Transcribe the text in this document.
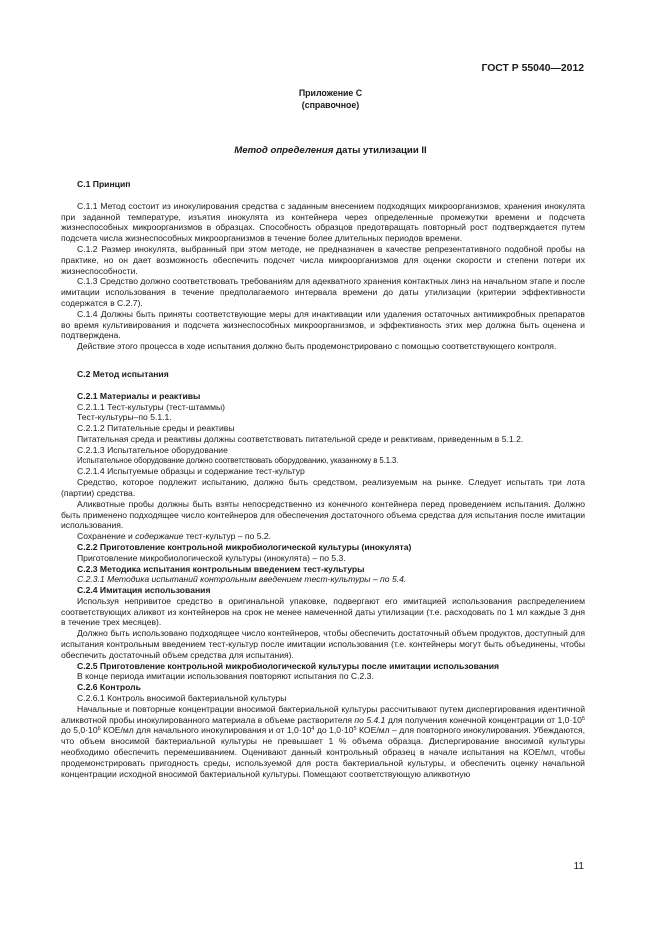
ГОСТ Р 55040—2012
Приложение С
(справочное)
Метод определения даты утилизации II

С.1 Принцип

С.1.1 Метод состоит из инокулирования средства с заданным внесением подходящих микроорганизмов, хранения инокулята при заданной температуре, изъятия инокулята из контейнера через определенные промежутки времени и подсчета жизнеспособных микроорганизмов в образцах. Способность образцов предотвращать повторный рост подтверждается путем подсчета числа жизнеспособных микроорганизмов в течение более длительных периодов времени.

С.1.2 Размер инокулята, выбранный при этом методе, не предназначен в качестве репрезентативного подобной пробы на практике, но он дает возможность обеспечить подсчет числа микроорганизмов для оценки скорости и степени потери их жизнеспособности.

С.1.3 Средство должно соответствовать требованиям для адекватного хранения контактных линз на начальном этапе и после имитации использования в течение предполагаемого интервала времени до даты утилизации (критерии эффективности содержатся в С.2.7).

С.1.4 Должны быть приняты соответствующие меры для инактивации или удаления остаточных антимикробных препаратов во время культивирования и подсчета жизнеспособных микроорганизмов, и эффективность этих мер должна быть оценена и подтверждена.

Действие этого процесса в ходе испытания должно быть продемонстрировано с помощью соответствующего контроля.

С.2 Метод испытания

С.2.1 Материалы и реактивы

С.2.1.1 Тест-культуры (тест-штаммы)

Тест-культуры–по 5.1.1.

С.2.1.2 Питательные среды и реактивы

Питательная среда и реактивы должны соответствовать питательной среде и реактивам, приведенным в 5.1.2.

С.2.1.3 Испытательное оборудование

Испытательное оборудование должно соответствовать оборудованию, указанному в 5.1.3.

С.2.1.4 Испытуемые образцы и содержание тест-культур

Средство, которое подлежит испытанию, должно быть средством, реализуемым на рынке. Следует испытать три лота (партии) средства.

Аликвотные пробы должны быть взяты непосредственно из конечного контейнера перед проведением испытания. Должно быть применено подходящее число контейнеров для обеспечения достаточного объема средства для испытания после имитации использования.

Сохранение и содержание тест-культур – по 5.2.

С.2.2 Приготовление контрольной микробиологической культуры (инокулята)

Приготовление микробиологической культуры (инокулята) – по 5.3.

С.2.3 Методика испытания контрольным введением тест-культуры

С.2.3.1 Методика испытаний контрольным введением тест-культуры – по 5.4.

С.2.4 Имитация использования

Используя непривитое средство в оригинальной упаковке, подвергают его имитацией использования распределением соответствующих аликвот из контейнеров на срок не менее намеченной даты утилизации (т.е. расходовать по 1 мл каждые 3 дня в течение трех месяцев).

Должно быть использовано подходящее число контейнеров, чтобы обеспечить достаточный объем продуктов, доступный для испытания контрольным введением тест-культур после имитации использования (т.е. контейнеры могут быть объединены, чтобы обеспечить достаточный объем средства для испытания).

С.2.5 Приготовление контрольной микробиологической культуры после имитации использования

В конце периода имитации использования повторяют испытания по С.2.3.

С.2.6 Контроль

С.2.6.1 Контроль вносимой бактериальной культуры

Начальные и повторные концентрации вносимой бактериальной культуры рассчитывают путем диспергирования идентичной аликвотной пробы инокулированного материала в объеме растворителя по 5.4.1 для получения конечной концентрации от $1,0\cdot 10^5$ до $5,0\cdot 10^6$ КОЕ/мл для начального инокулирования и от $1,0\cdot 10^4$ до $1,0\cdot 10^5$ КОЕ/мл – для повторного инокулирования. Убеждаются, что объем вносимой бактериальной культуры не превышает 1 % объема образца. Диспергирование вносимой культуры необходимо обеспечить перемешиванием. Оценивают данный контрольный образец в начале испытания на КОЕ/мл, чтобы продемонстрировать пригодность среды, используемой для роста бактериальной культуры, и обеспечить оценку начальной концентрации исходной вносимой бактериальной культуры. Помещают соответствующую аликвотную

11
